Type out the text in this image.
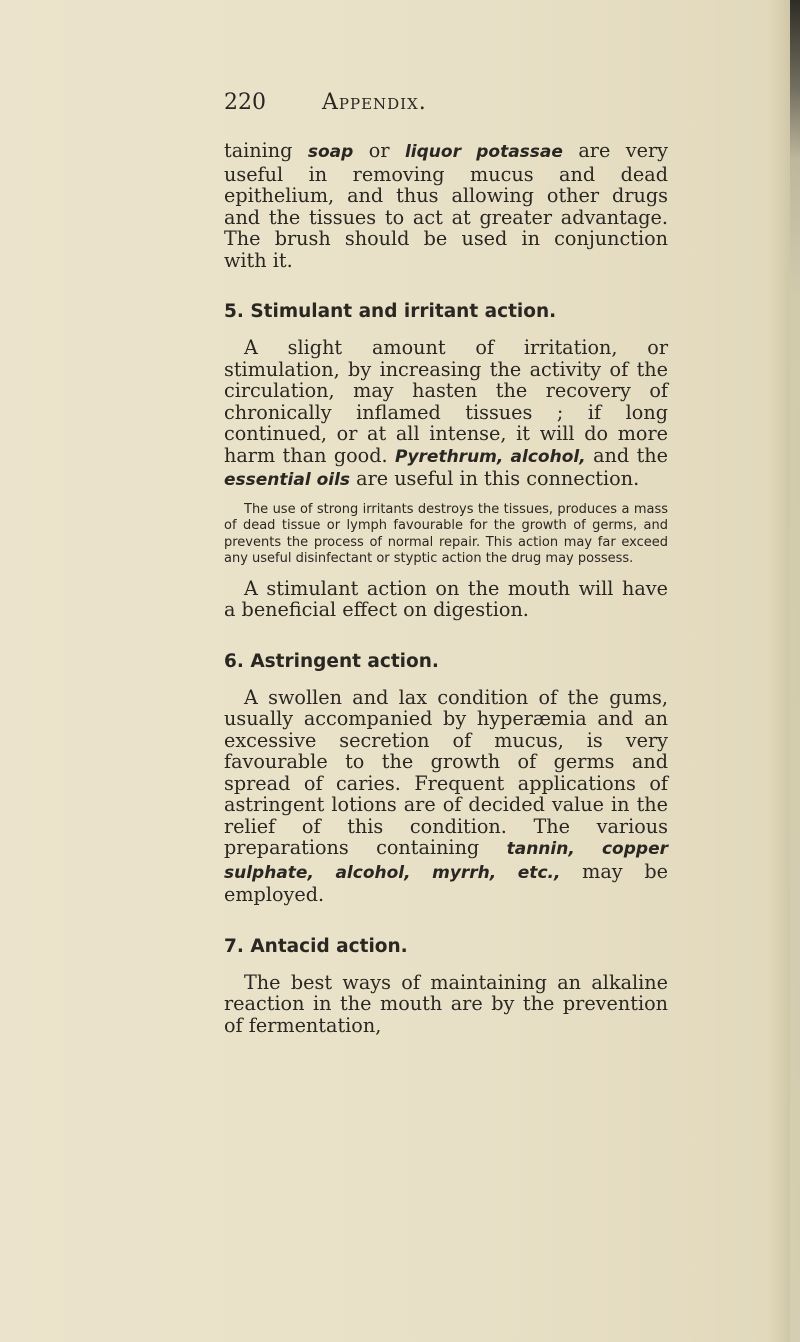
220	Appendix.

taining soap or liquor potassae are very useful in removing mucus and dead epithelium, and thus allowing other drugs and the tissues to act at greater advantage. The brush should be used in conjunction with it.

5. Stimulant and irritant action.

A slight amount of irritation, or stimulation, by increasing the activity of the circulation, may hasten the recovery of chronically inflamed tissues ; if long continued, or at all intense, it will do more harm than good. Pyrethrum, alcohol, and the essential oils are useful in this connection.

The use of strong irritants destroys the tissues, produces a mass of dead tissue or lymph favourable for the growth of germs, and prevents the process of normal repair. This action may far exceed any useful disinfectant or styptic action the drug may possess.

A stimulant action on the mouth will have a beneficial effect on digestion.

6. Astringent action.

A swollen and lax condition of the gums, usually accompanied by hyperæmia and an excessive secretion of mucus, is very favourable to the growth of germs and spread of caries. Frequent applications of astringent lotions are of decided value in the relief of this condition. The various preparations containing tannin, copper sulphate, alcohol, myrrh, etc., may be employed.

7. Antacid action.

The best ways of maintaining an alkaline reaction in the mouth are by the prevention of fermentation,
